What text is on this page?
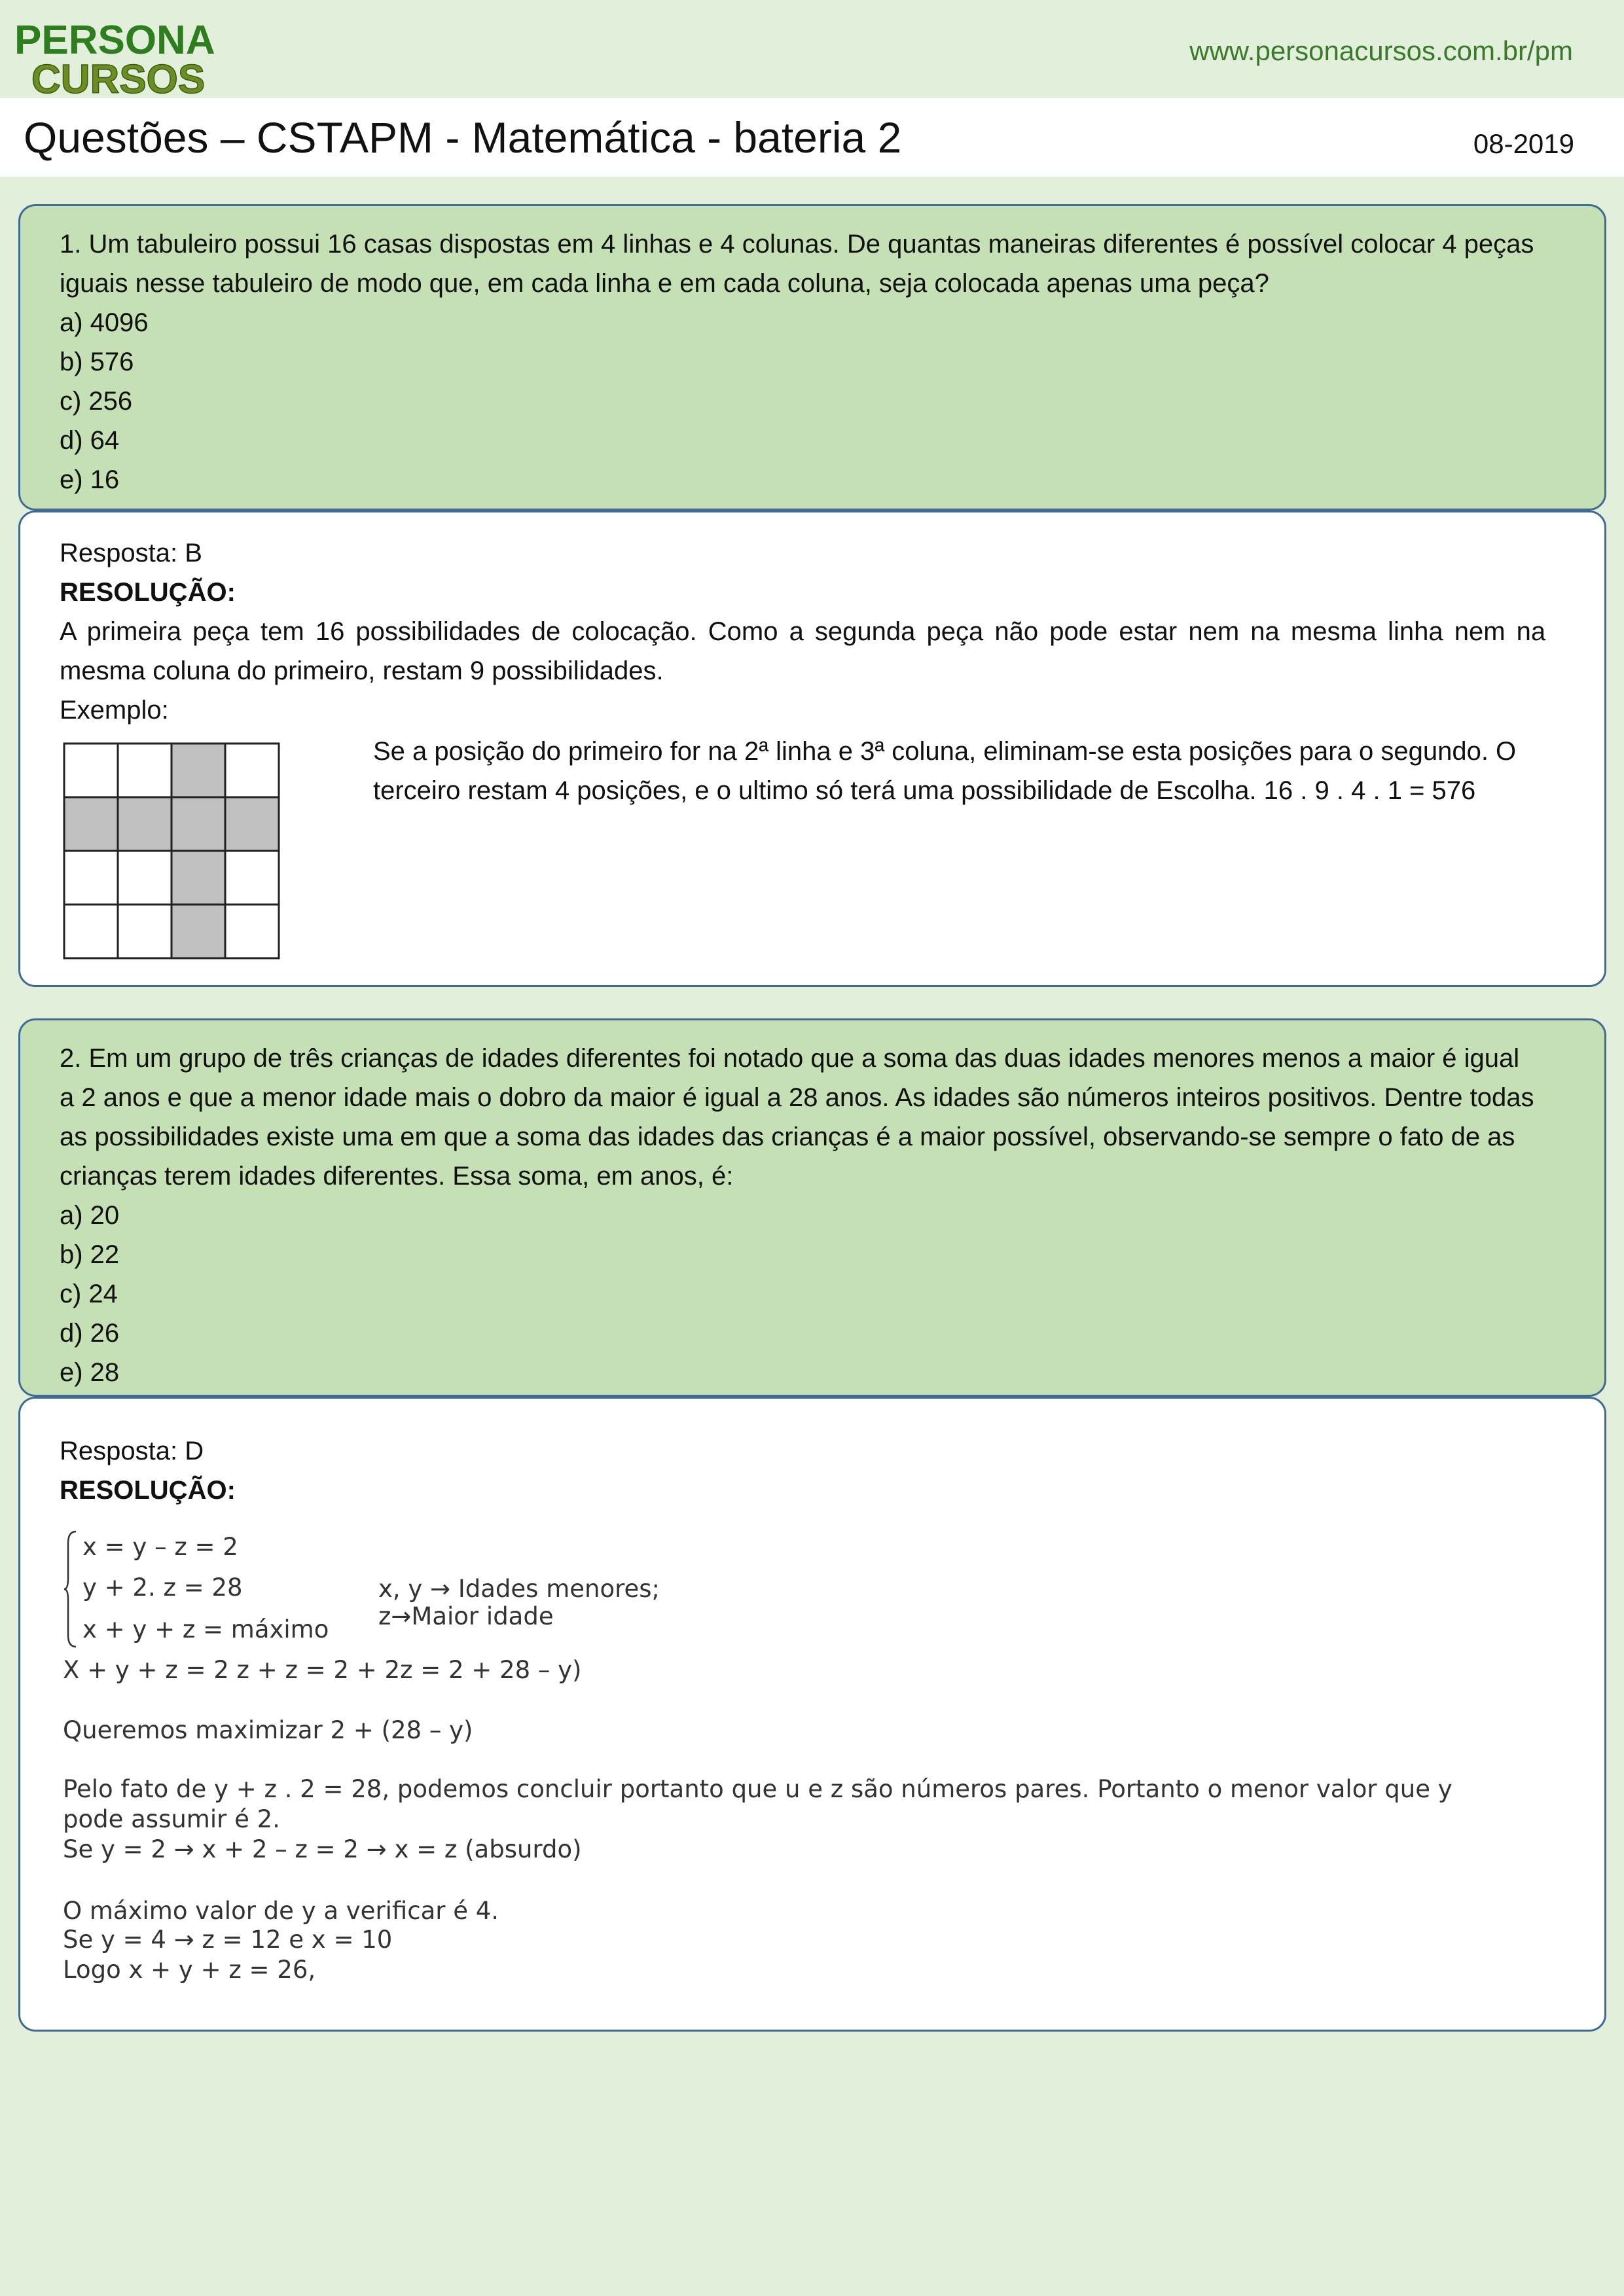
PERSONA
CURSOS
www.personacursos.com.br/pm
Questões – CSTAPM - Matemática - bateria 2	08-2019

1. Um tabuleiro possui 16 casas dispostas em 4 linhas e 4 colunas. De quantas maneiras diferentes é possível colocar 4 peças

iguais nesse tabuleiro de modo que, em cada linha e em cada coluna, seja colocada apenas uma peça?

a) 4096

b) 576

c) 256

d) 64

e) 16

Resposta: B

RESOLUÇÃO:

A primeira peça tem 16 possibilidades de colocação. Como a segunda peça não pode estar nem na mesma linha nem na

mesma coluna do primeiro, restam 9 possibilidades.

Exemplo:

Se a posição do primeiro for na 2ª linha e 3ª coluna, eliminam-se esta posições para o segundo. O terceiro restam 4 posições, e o ultimo só terá uma possibilidade de Escolha. 16 . 9 . 4 . 1 = 576

2. Em um grupo de três crianças de idades diferentes foi notado que a soma das duas idades menores menos a maior é igual

a 2 anos e que a menor idade mais o dobro da maior é igual a 28 anos. As idades são números inteiros positivos. Dentre todas

as possibilidades existe uma em que a soma das idades das crianças é a maior possível, observando-se sempre o fato de as

crianças terem idades diferentes. Essa soma, em anos, é:

a) 20

b) 22

c) 24

d) 26

e) 28

Resposta: D

RESOLUÇÃO:

x = y – z = 2
y + 2. z = 28
x + y + z = máximo
x, y → Idades menores;
z→Maior idade
X + y + z = 2 z + z = 2 + 2z = 2 + 28 – y)
Queremos maximizar 2 + (28 – y)
Pelo fato de y + z . 2 = 28, podemos concluir portanto que u e z são números pares. Portanto o menor valor que y
pode assumir é 2.
Se y = 2 → x + 2 – z = 2 → x = z (absurdo)
O máximo valor de y a verificar é 4.
Se y = 4 → z = 12 e x = 10
Logo x + y + z = 26,
